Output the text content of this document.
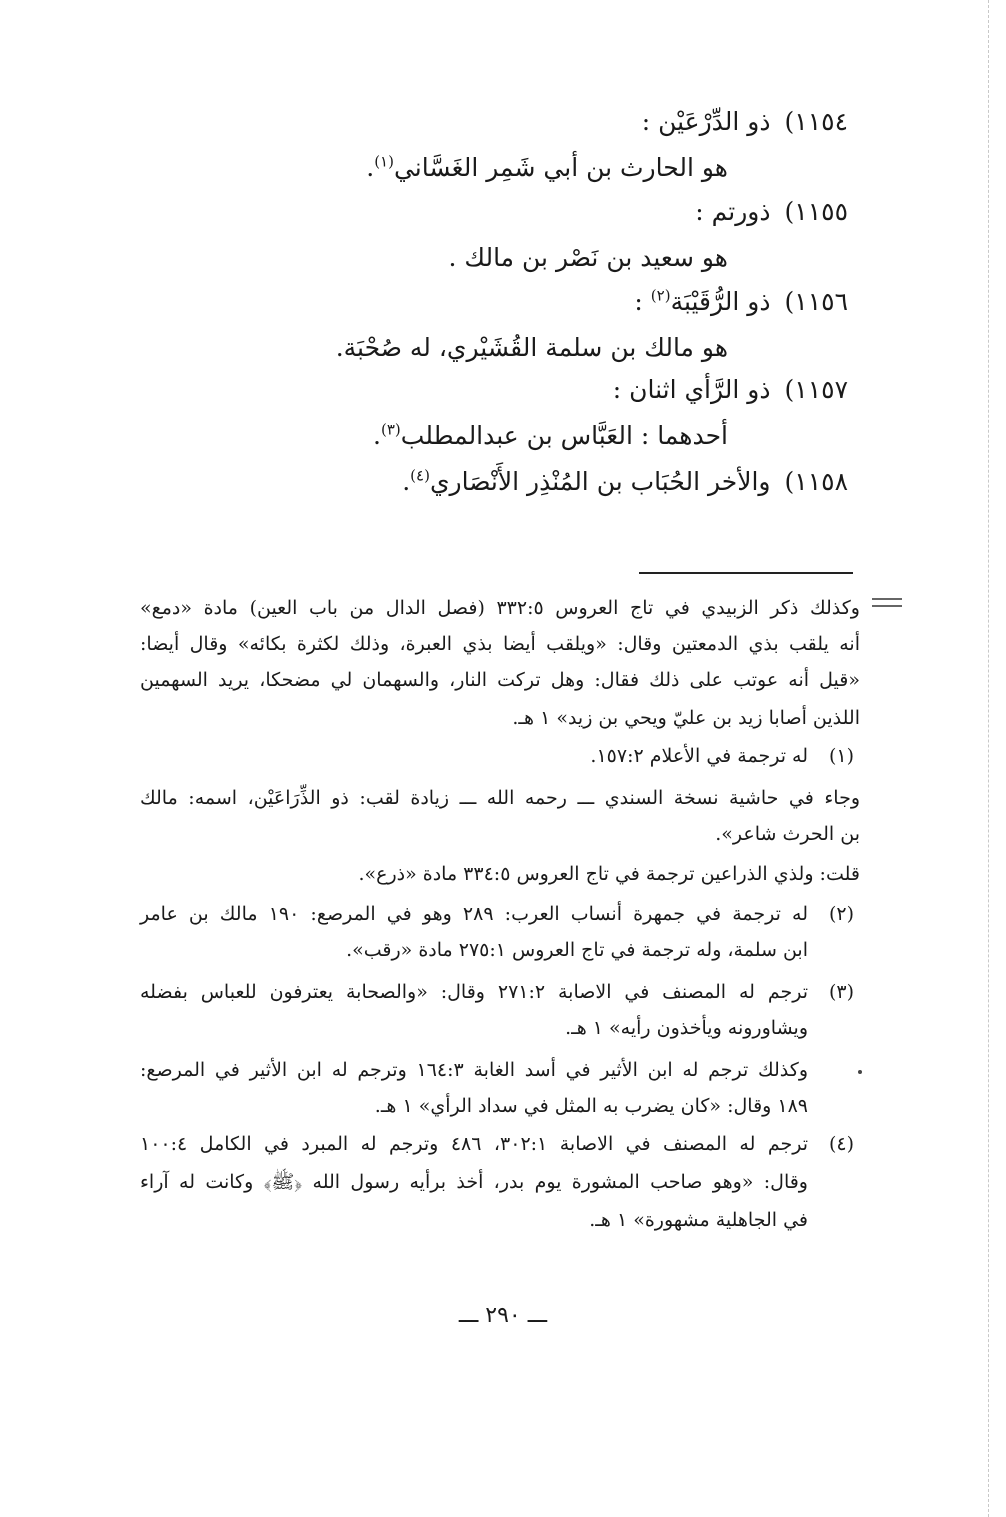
١١٥٤)ذو الدِّرْعَيْن :
هو الحارث بن أبي شَمِر الغَسَّاني$^{(١)}$.
١١٥٥)ذورتم :
هو سعيد بن نَصْر بن مالك .
١١٥٦)ذو الرُّقَيْبَة$^{(٢)}$ :
هو مالك بن سلمة القُشَيْري، له صُحْبَة.
١١٥٧)ذو الرَّأي اثنان :
أحدهما : العَبَّاس بن عبدالمطلب$^{(٣)}$.
١١٥٨)والأخر الحُبَاب بن المُنْذِر الأَنْصَاري$^{(٤)}$.
وكذلك ذكر الزبيدي في تاج العروس ٣٣٢:٥ (فصل الدال من باب العين) مادة «دمع»
أنه يلقب بذي الدمعتين وقال: «ويلقب أيضا بذي العبرة، وذلك لكثرة بكائه» وقال أيضا:
«قيل أنه عوتب على ذلك فقال: وهل تركت النار، والسهمان لي مضحكا، يريد السهمين
اللذين أصابا زيد بن عليّ ويحي بن زيد» ١ هـ.
(١)
له ترجمة في الأعلام ١٥٧:٢.
وجاء في حاشية نسخة السندي ـــ رحمه الله ـــ زيادة لقب: ذو الذِّرَاعَيْن، اسمه: مالك
بن الحرث شاعر».
قلت: ولذي الذراعين ترجمة في تاج العروس ٣٣٤:٥ مادة «ذرع».
(٢)
له ترجمة في جمهرة أنساب العرب: ٢٨٩ وهو في المرصع: ١٩٠ مالك بن عامر
ابن سلمة، وله ترجمة في تاج العروس ٢٧٥:١ مادة «رقب».
(٣)
ترجم له المصنف في الاصابة ٢٧١:٢ وقال: «والصحابة يعترفون للعباس بفضله
ويشاورونه ويأخذون رأيه» ١ هـ.
وكذلك ترجم له ابن الأثير في أسد الغابة ١٦٤:٣ وترجم له ابن الأثير في المرصع:
١٨٩ وقال: «كان يضرب به المثل في سداد الرأي» ١ هـ.
(٤)
ترجم له المصنف في الاصابة ٣٠٢:١، ٤٨٦ وترجم له المبرد في الكامل ١٠٠:٤
وقال: «وهو صاحب المشورة يوم بدر، أخذ برأيه رسول الله ﴿ﷺ﴾ وكانت له آراء
في الجاهلية مشهورة» ١ هـ.
ـــ ٢٩٠ ـــ
